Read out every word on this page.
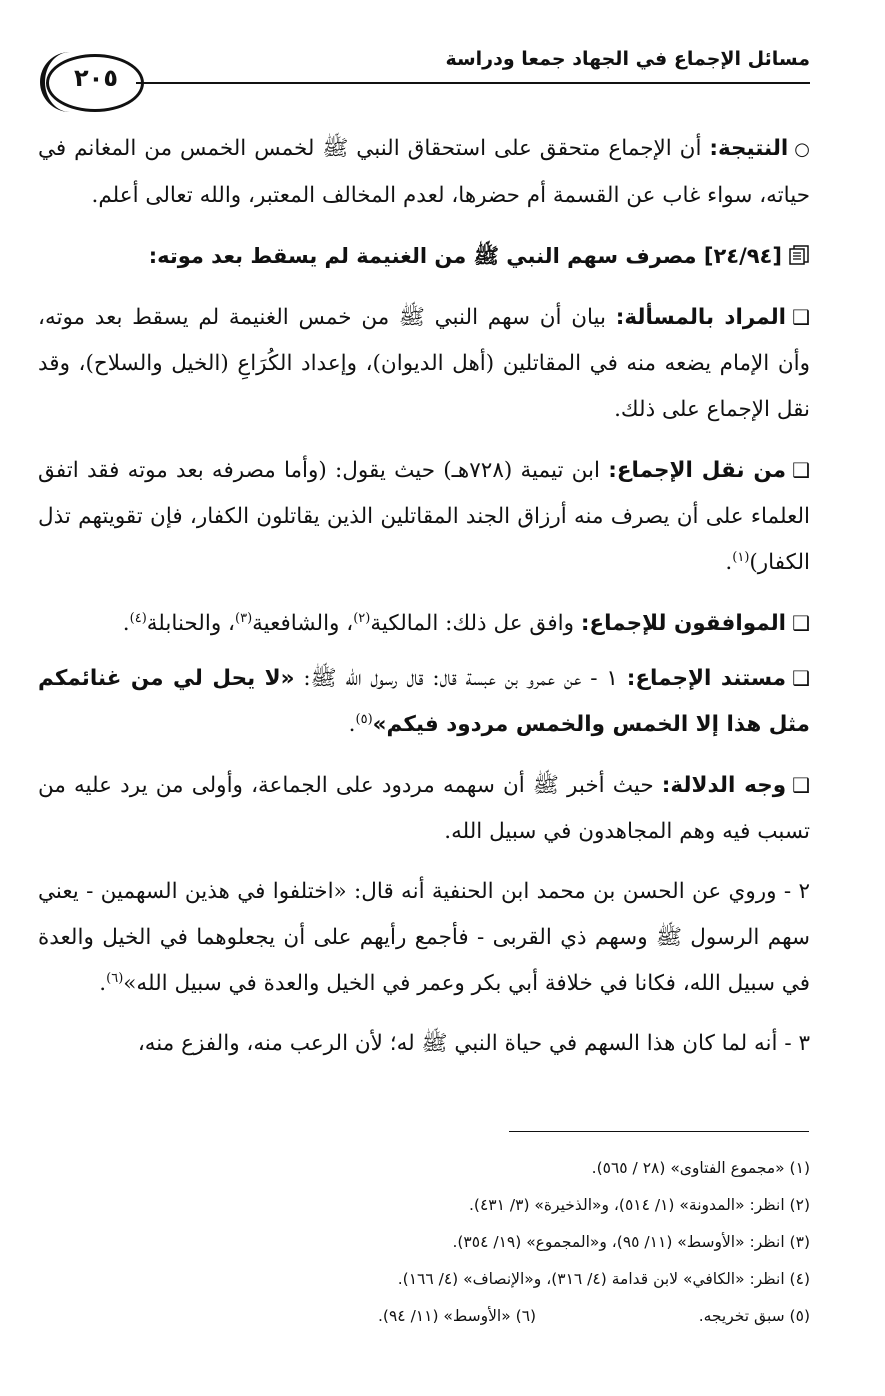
مسائل الإجماع في الجهاد جمعا ودراسة
٢٠٥

○النتيجة: أن الإجماع متحقق على استحقاق النبي ﷺ لخمس الخمس من المغانم في حياته، سواء غاب عن القسمة أم حضرها، لعدم المخالف المعتبر، والله تعالى أعلم.

[٢٤/٩٤] مصرف سهم النبي ﷺ من الغنيمة لم يسقط بعد موته:

❑المراد بالمسألة: بيان أن سهم النبي ﷺ من خمس الغنيمة لم يسقط بعد موته، وأن الإمام يضعه منه في المقاتلين (أهل الديوان)، وإعداد الكُرَاعِ (الخيل والسلاح)، وقد نقل الإجماع على ذلك.

❑من نقل الإجماع: ابن تيمية (٧٢٨هـ) حيث يقول: (وأما مصرفه بعد موته فقد اتفق العلماء على أن يصرف منه أرزاق الجند المقاتلين الذين يقاتلون الكفار، فإن تقويتهم تذل الكفار)$^{(١)}$.

❑الموافقون للإجماع: وافق عل ذلك: المالكية$^{(٢)}$، والشافعية$^{(٣)}$، والحنابلة$^{(٤)}$.

❑مستند الإجماع: ١ - عن عمرو بن عبسة قال: قال رسول الله ﷺ: «لا يحل لي من غنائمكم مثل هذا إلا الخمس والخمس مردود فيكم»$^{(٥)}$.

❑وجه الدلالة: حيث أخبر ﷺ أن سهمه مردود على الجماعة، وأولى من يرد عليه من تسبب فيه وهم المجاهدون في سبيل الله.

٢ - وروي عن الحسن بن محمد ابن الحنفية أنه قال: «اختلفوا في هذين السهمين - يعني سهم الرسول ﷺ وسهم ذي القربى - فأجمع رأيهم على أن يجعلوهما في الخيل والعدة في سبيل الله، فكانا في خلافة أبي بكر وعمر في الخيل والعدة في سبيل الله»$^{(٦)}$.

٣ - أنه لما كان هذا السهم في حياة النبي ﷺ له؛ لأن الرعب منه، والفزع منه،

(١) «مجموع الفتاوى» (٢٨ / ٥٦٥).

(٢) انظر: «المدونة» (١/ ٥١٤)، و«الذخيرة» (٣/ ٤٣١).

(٣) انظر: «الأوسط» (١١/ ٩٥)، و«المجموع» (١٩/ ٣٥٤).

(٤) انظر: «الكافي» لابن قدامة (٤/ ٣١٦)، و«الإنصاف» (٤/ ١٦٦).

(٥) سبق تخريجه.
(٦) «الأوسط» (١١/ ٩٤).
